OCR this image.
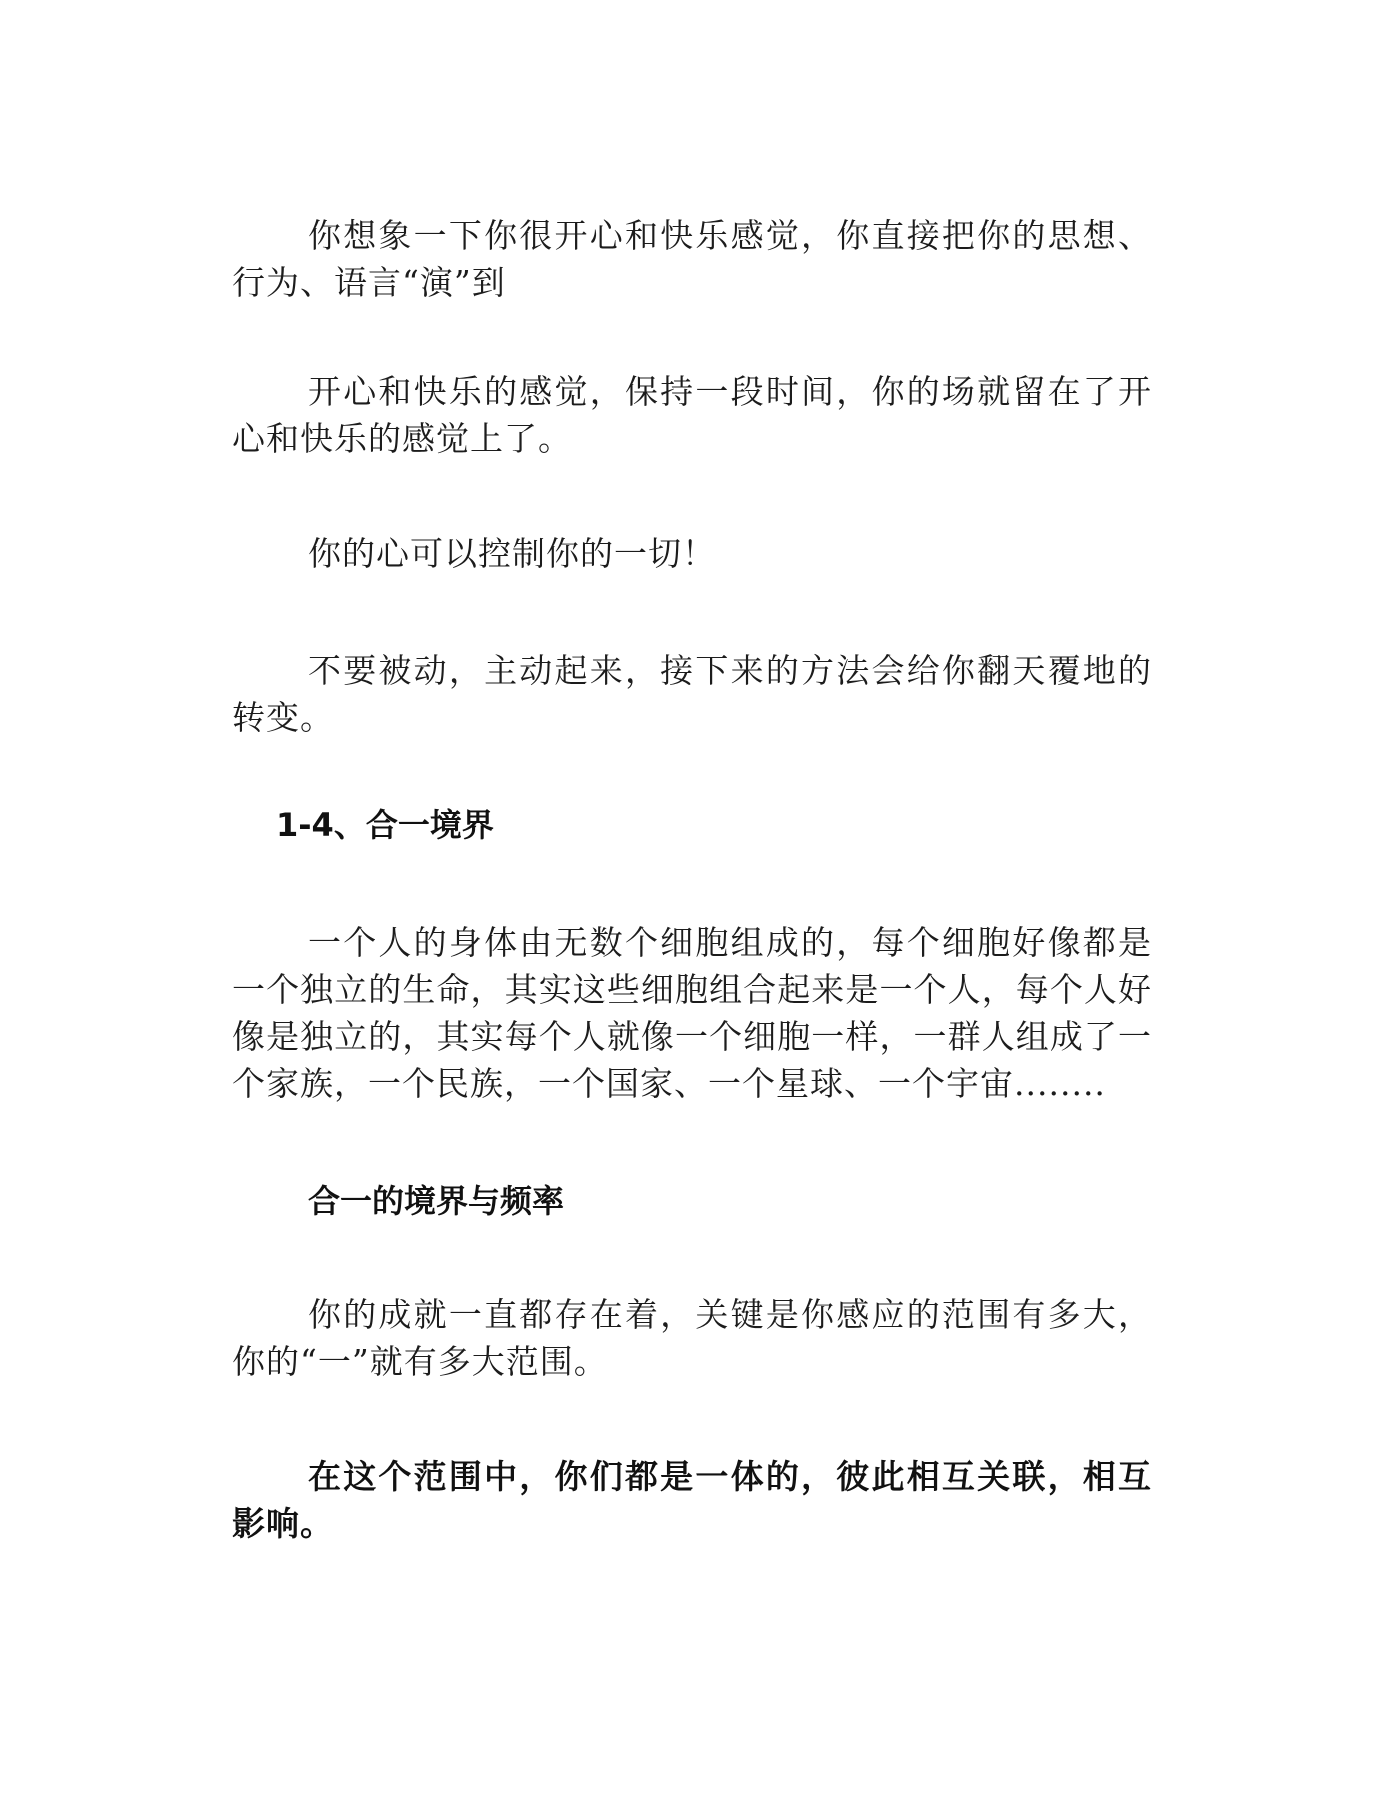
你想象一下你很开心和快乐感觉，你直接把你的思想、行为、语言“演”到

开心和快乐的感觉，保持一段时间，你的场就留在了开心和快乐的感觉上了。

你的心可以控制你的一切！

不要被动，主动起来，接下来的方法会给你翻天覆地的转变。

1-4、合一境界

一个人的身体由无数个细胞组成的，每个细胞好像都是一个独立的生命，其实这些细胞组合起来是一个人，每个人好像是独立的，其实每个人就像一个细胞一样，一群人组成了一个家族，一个民族，一个国家、一个星球、一个宇宙........

合一的境界与频率

你的成就一直都存在着，关键是你感应的范围有多大，你的“一”就有多大范围。

在这个范围中，你们都是一体的，彼此相互关联，相互影响。
